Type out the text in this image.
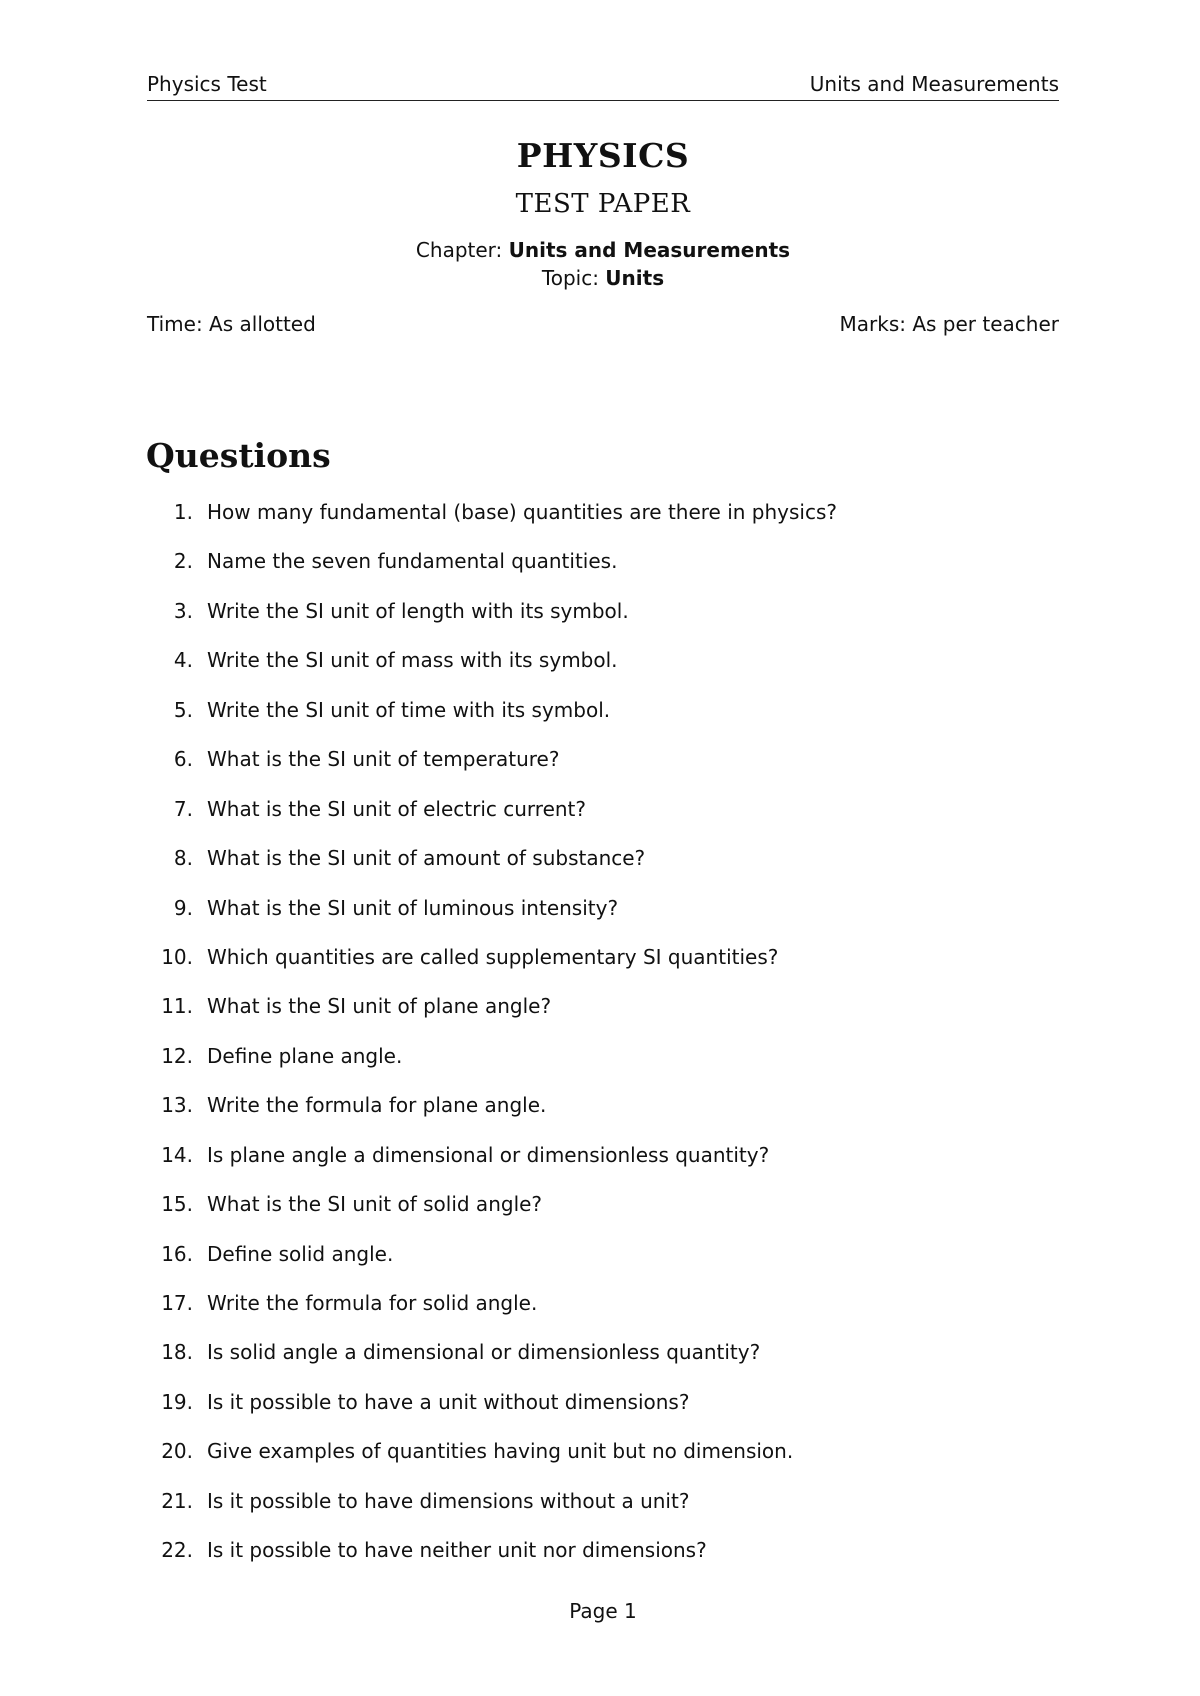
Physics Test	Units and Measurements
PHYSICS
TEST PAPER
Chapter: Units and Measurements
Topic: Units
Time: As allotted	Marks: As per teacher
Questions
1. How many fundamental (base) quantities are there in physics?
2. Name the seven fundamental quantities.
3. Write the SI unit of length with its symbol.
4. Write the SI unit of mass with its symbol.
5. Write the SI unit of time with its symbol.
6. What is the SI unit of temperature?
7. What is the SI unit of electric current?
8. What is the SI unit of amount of substance?
9. What is the SI unit of luminous intensity?
10. Which quantities are called supplementary SI quantities?
11. What is the SI unit of plane angle?
12. Define plane angle.
13. Write the formula for plane angle.
14. Is plane angle a dimensional or dimensionless quantity?
15. What is the SI unit of solid angle?
16. Define solid angle.
17. Write the formula for solid angle.
18. Is solid angle a dimensional or dimensionless quantity?
19. Is it possible to have a unit without dimensions?
20. Give examples of quantities having unit but no dimension.
21. Is it possible to have dimensions without a unit?
22. Is it possible to have neither unit nor dimensions?
Page 1
